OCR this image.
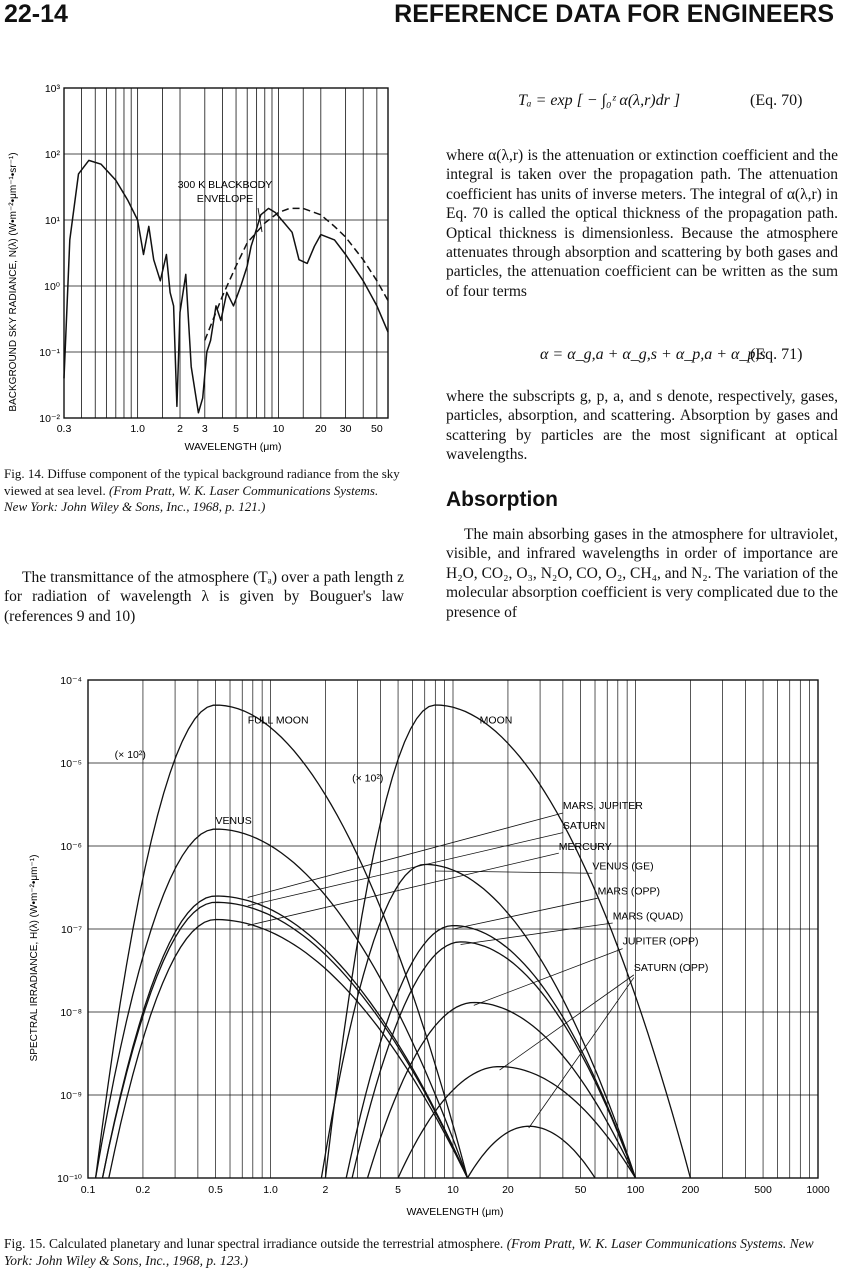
22-14	REFERENCE DATA FOR ENGINEERS
0.3	1.0	2 3 5	10	20 30 50
10³
10²
10¹
10⁰
10⁻¹
10⁻²
300 K BLACKBODY
ENVELOPE
WAVELENGTH (μm)
BACKGROUND SKY RADIANCE, N(λ) (W•m⁻²•μm⁻¹•sr⁻¹)
Fig. 14. Diffuse component of the typical background radiance from the sky viewed at sea level. (From Pratt, W. K. Laser Communications Systems. New York: John Wiley & Sons, Inc., 1968, p. 121.)

The transmittance of the atmosphere (Tₐ) over a path length z for radiation of wavelength λ is given by Bouguer's law (references 9 and 10)

Tₐ = exp [ − ∫₀ᶻ α(λ,r)dr ]	(Eq. 70)

where α(λ,r) is the attenuation or extinction coefficient and the integral is taken over the propagation path. The attenuation coefficient has units of inverse meters. The integral of α(λ,r) in Eq. 70 is called the optical thickness of the propagation path. Optical thickness is dimensionless. Because the atmosphere attenuates through absorption and scattering by both gases and particles, the attenuation coefficient can be written as the sum of four terms

α = α_g,a + α_g,s + α_p,a + α_p,s
(Eq. 71)

where the subscripts g, p, a, and s denote, respectively, gases, particles, absorption, and scattering. Absorption by gases and scattering by particles are the most significant at optical wavelengths.

Absorption

The main absorbing gases in the atmosphere for ultraviolet, visible, and infrared wavelengths in order of importance are H₂O, CO₂, O₃, N₂O, CO, O₂, CH₄, and N₂. The variation of the molecular absorption coefficient is very complicated due to the presence of

0.1	0.2	0.5	1.0	2	5	10	20	50	100	200	500	1000
10⁻⁴
10⁻⁵
10⁻⁶
10⁻⁷
10⁻⁸
10⁻⁹
10⁻¹⁰
FULL MOON	MOON
(× 10²)
(× 10²)
VENUS
MARS, JUPITER
SATURN
MERCURY
VENUS (GE)
MARS (OPP)
MARS (QUAD)
JUPITER (OPP)
SATURN (OPP)
WAVELENGTH (μm)
SPECTRAL IRRADIANCE, H(λ) (W•m⁻²•μm⁻¹)
Fig. 15. Calculated planetary and lunar spectral irradiance outside the terrestrial atmosphere. (From Pratt, W. K. Laser Communications Systems. New York: John Wiley & Sons, Inc., 1968, p. 123.)
